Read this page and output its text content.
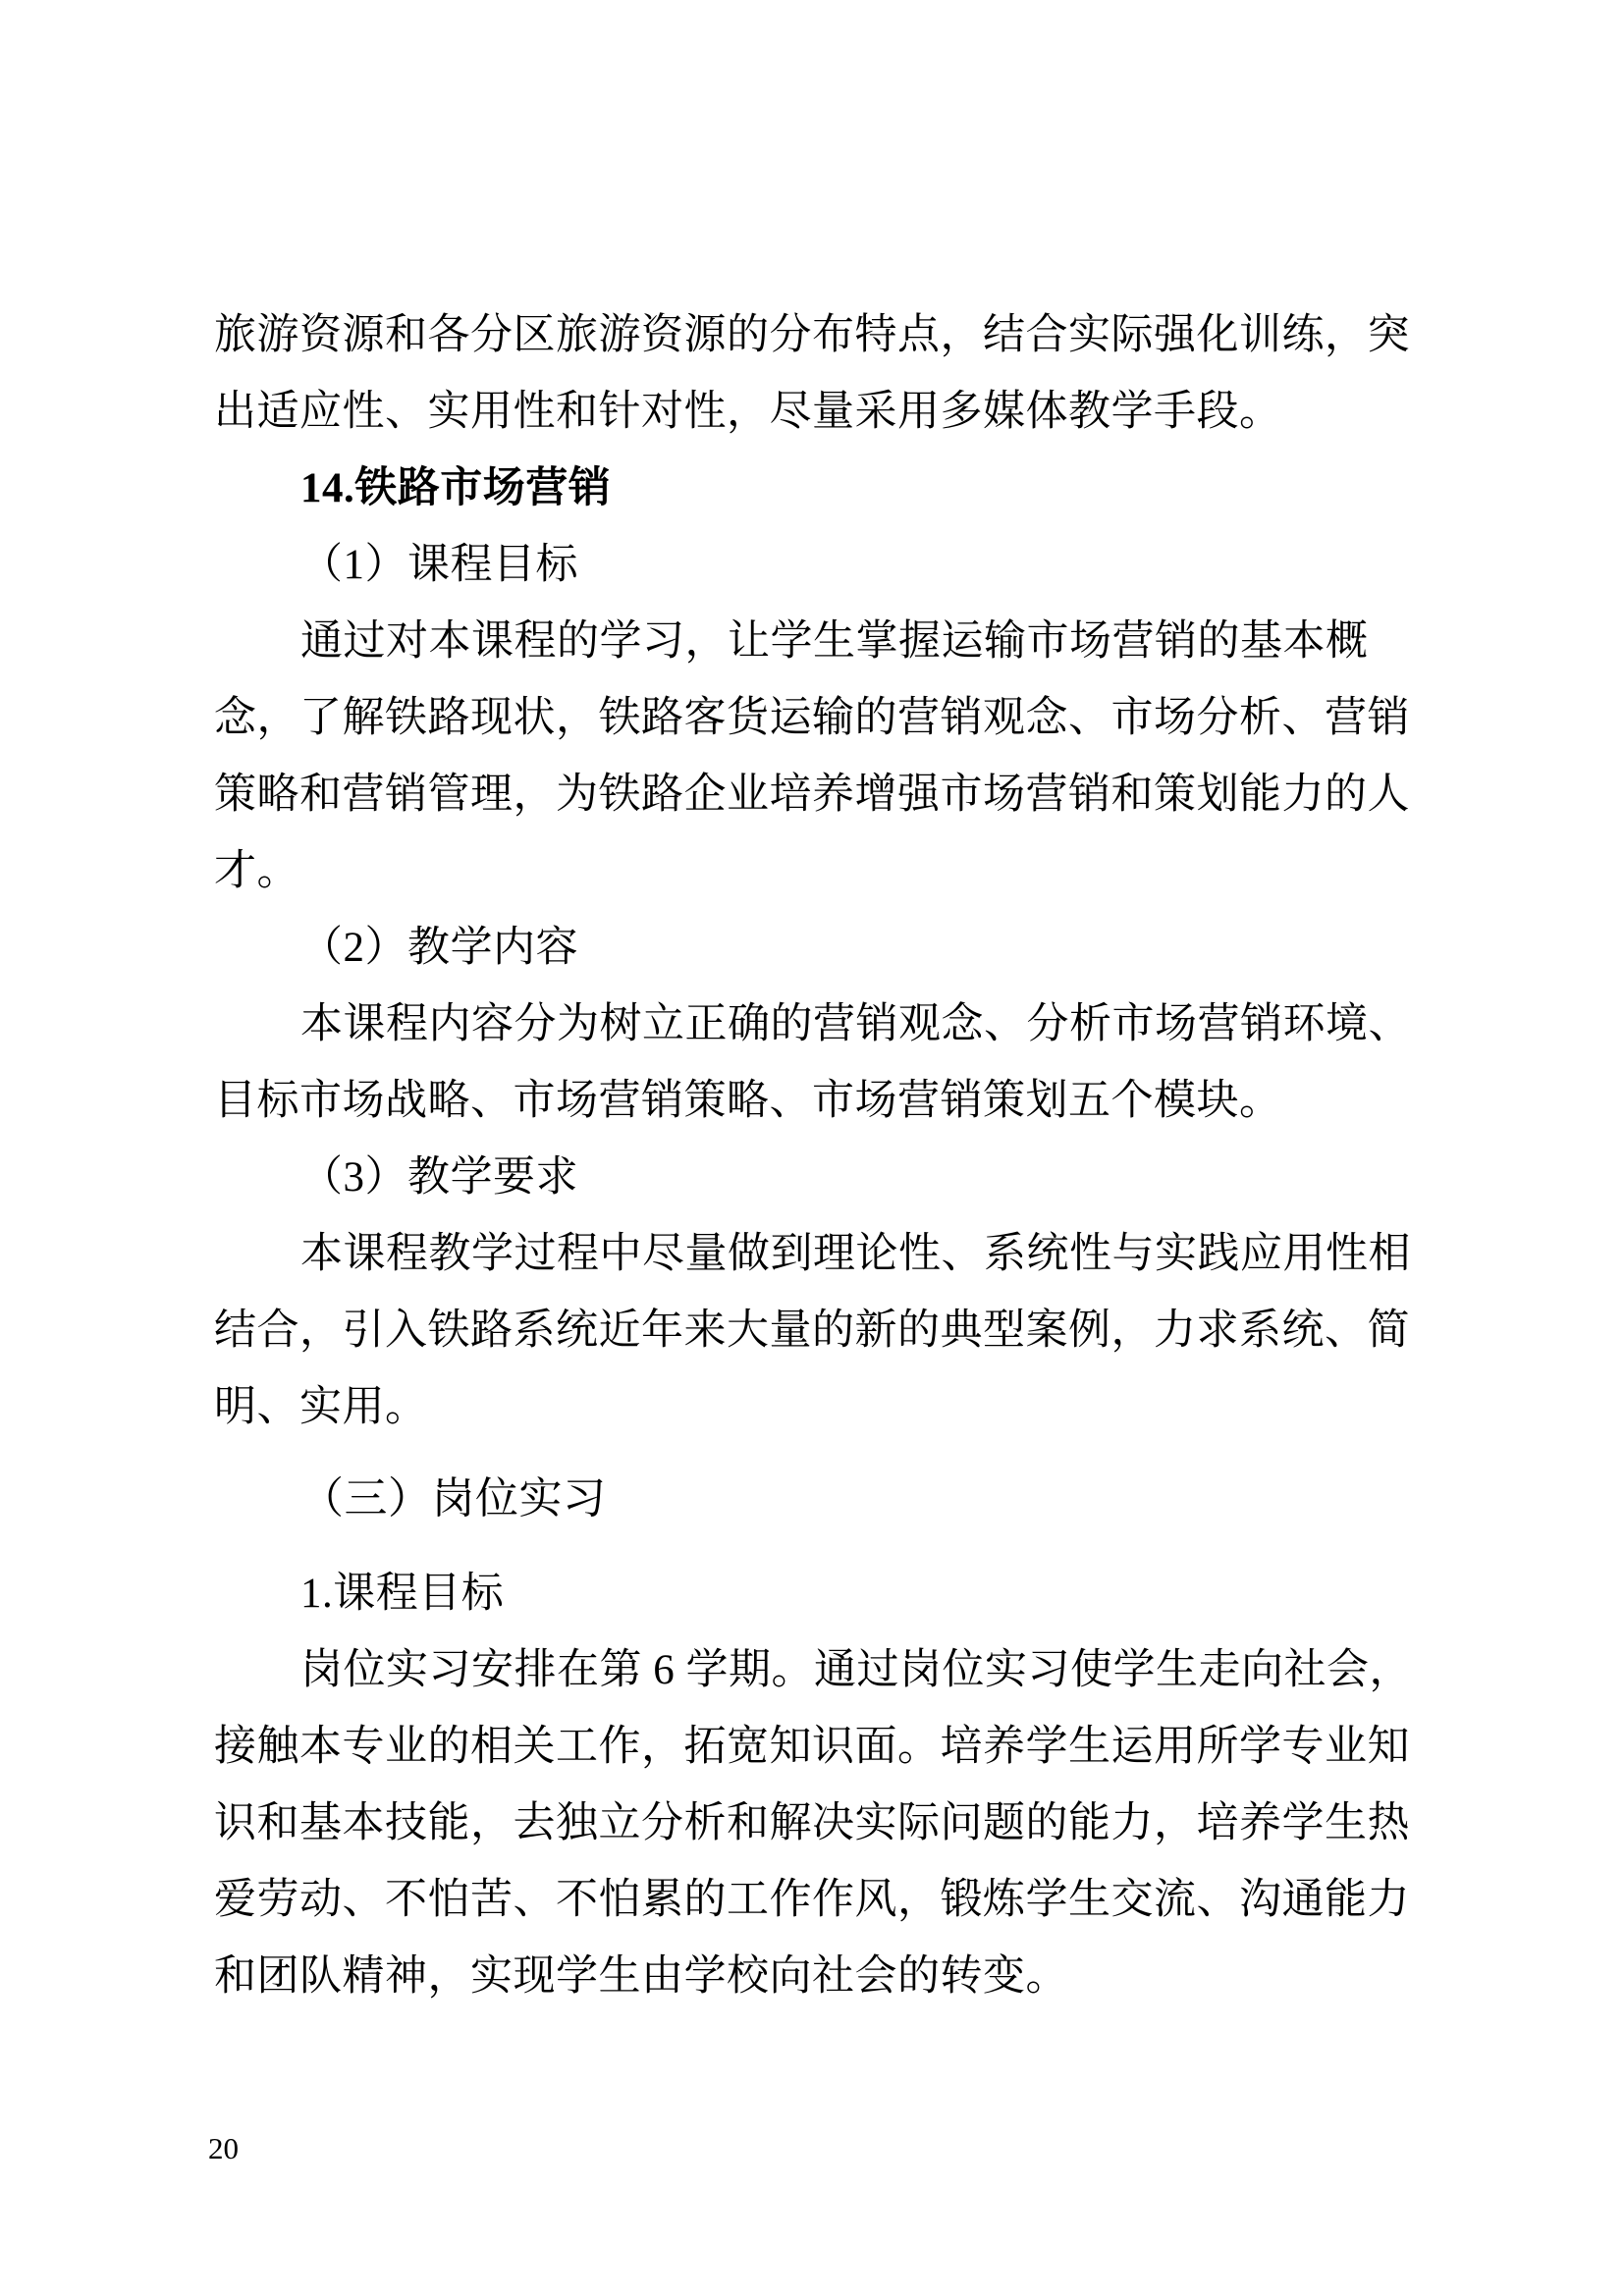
旅游资源和各分区旅游资源的分布特点，结合实际强化训练，突
出适应性、实用性和针对性，尽量采用多媒体教学手段。
14.铁路市场营销
（1）课程目标
通过对本课程的学习，让学生掌握运输市场营销的基本概
念，了解铁路现状，铁路客货运输的营销观念、市场分析、营销
策略和营销管理，为铁路企业培养增强市场营销和策划能力的人
才。
（2）教学内容
本课程内容分为树立正确的营销观念、分析市场营销环境、
目标市场战略、市场营销策略、市场营销策划五个模块。
（3）教学要求
本课程教学过程中尽量做到理论性、系统性与实践应用性相
结合，引入铁路系统近年来大量的新的典型案例，力求系统、简
明、实用。
（三）岗位实习
1.课程目标
岗位实习安排在第 6 学期。通过岗位实习使学生走向社会，
接触本专业的相关工作，拓宽知识面。培养学生运用所学专业知
识和基本技能，去独立分析和解决实际问题的能力，培养学生热
爱劳动、不怕苦、不怕累的工作作风，锻炼学生交流、沟通能力
和团队精神，实现学生由学校向社会的转变。
20
